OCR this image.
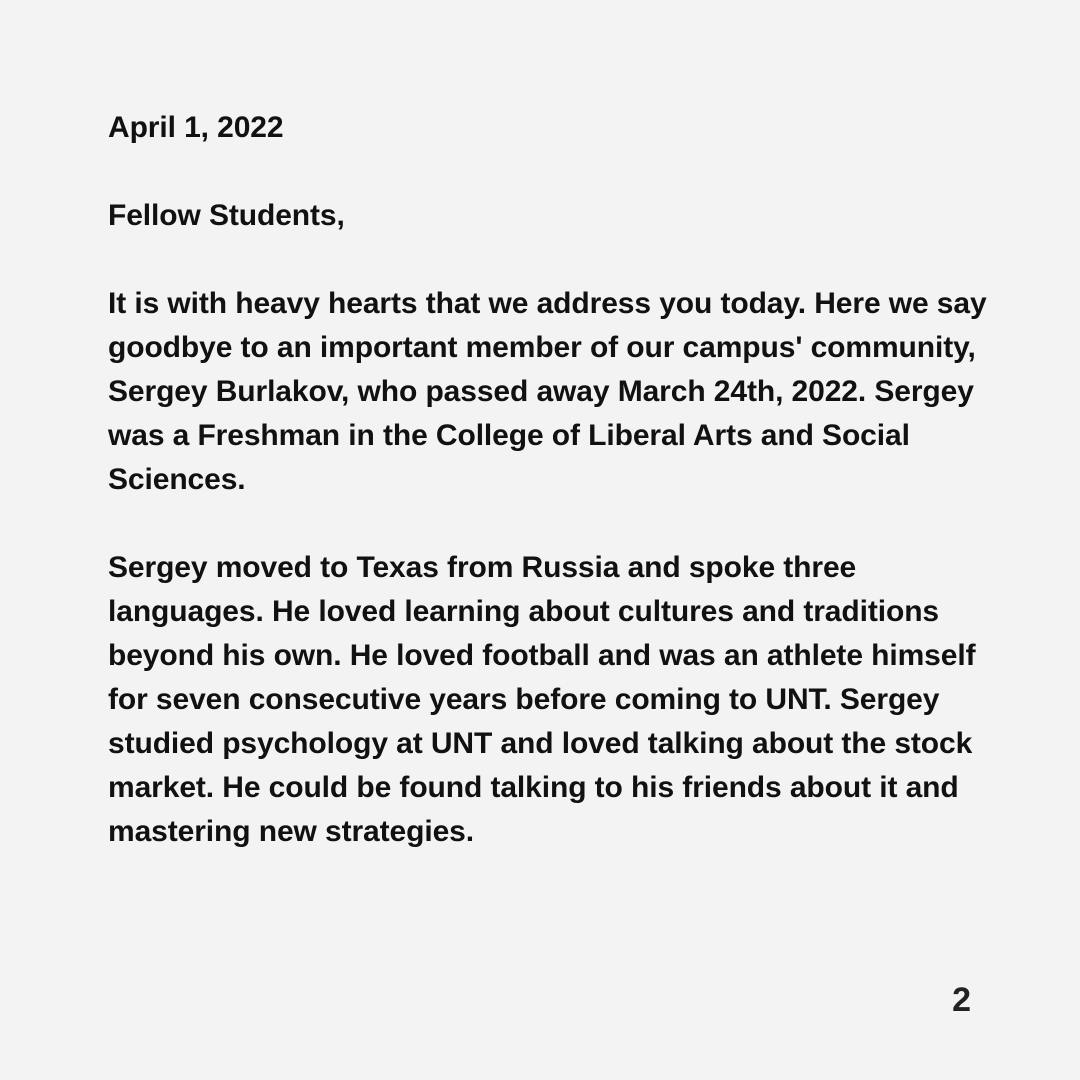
April 1, 2022

Fellow Students,

It is with heavy hearts that we address you today. Here we say goodbye to an important member of our campus' community, Sergey Burlakov, who passed away March 24th, 2022. Sergey was a Freshman in the College of Liberal Arts and Social Sciences.

Sergey moved to Texas from Russia and spoke three languages. He loved learning about cultures and traditions beyond his own. He loved football and was an athlete himself for seven consecutive years before coming to UNT. Sergey studied psychology at UNT and loved talking about the stock market. He could be found talking to his friends about it and mastering new strategies.

2
